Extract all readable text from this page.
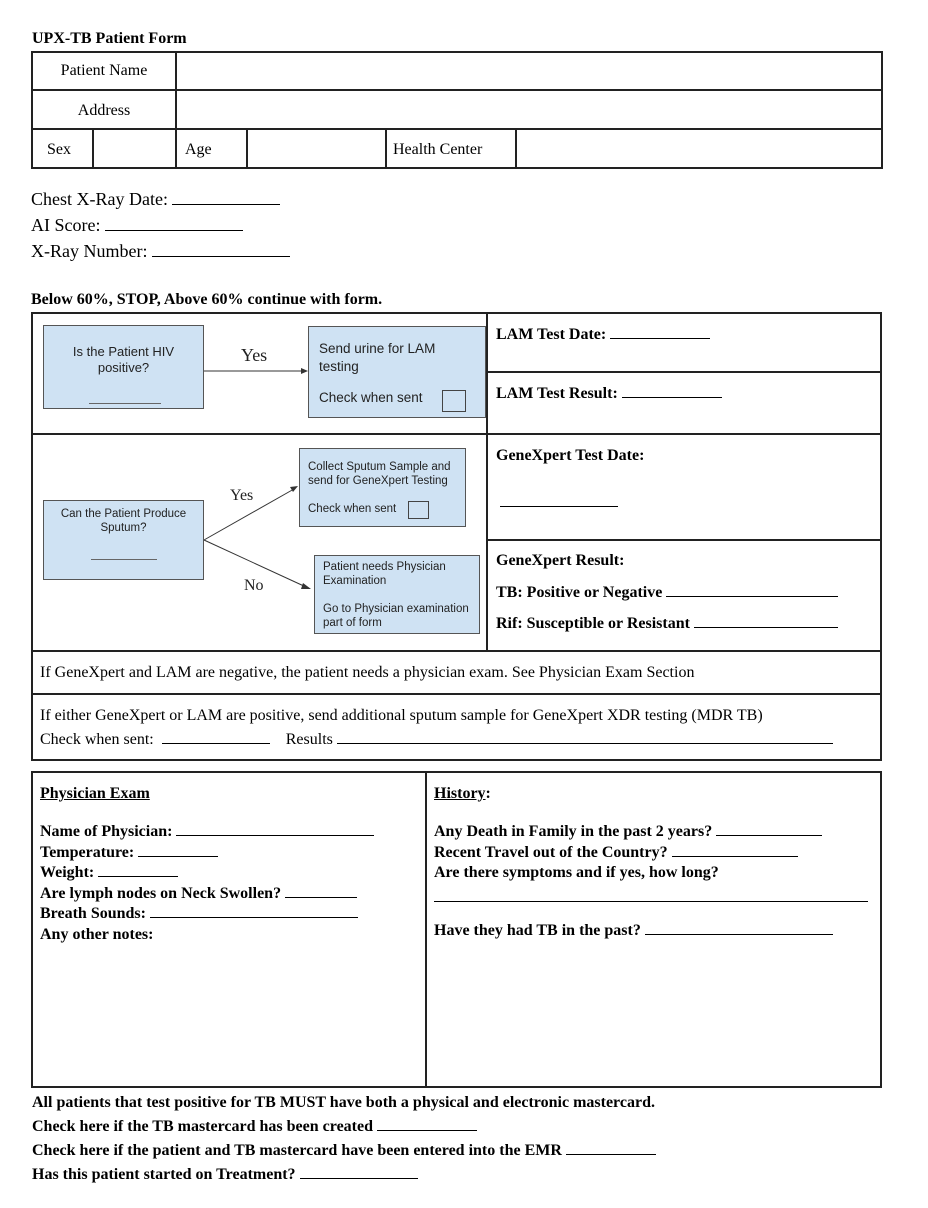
UPX-TB Patient Form
Patient Name
Address
Sex	Age	Health Center
Chest X-Ray Date:
AI Score:
X-Ray Number:
Below 60%, STOP, Above 60% continue with form.
Is the Patient HIV positive?
Yes	Send urine for LAM testing
Check when sent
LAM Test Date:
LAM Test Result:
Can the Patient Produce Sputum?
Yes
No
Collect Sputum Sample and send for GeneXpert Testing
Check when sent
Patient needs Physician Examination
Go to Physician examination part of form
GeneXpert Test Date:
GeneXpert Result:
TB: Positive or Negative
Rif: Susceptible or Resistant
If GeneXpert and LAM are negative, the patient needs a physician exam. See Physician Exam Section
If either GeneXpert or LAM are positive, send additional sputum sample for GeneXpert XDR testing (MDR TB)
Check when sent:	Results
Physician Exam
Name of Physician:
Temperature:
Weight:
Are lymph nodes on Neck Swollen?
Breath Sounds:
Any other notes:
History:
Any Death in Family in the past 2 years?
Recent Travel out of the Country?
Are there symptoms and if yes, how long?
Have they had TB in the past?
All patients that test positive for TB MUST have both a physical and electronic mastercard.
Check here if the TB mastercard has been created
Check here if the patient and TB mastercard have been entered into the EMR
Has this patient started on Treatment?
